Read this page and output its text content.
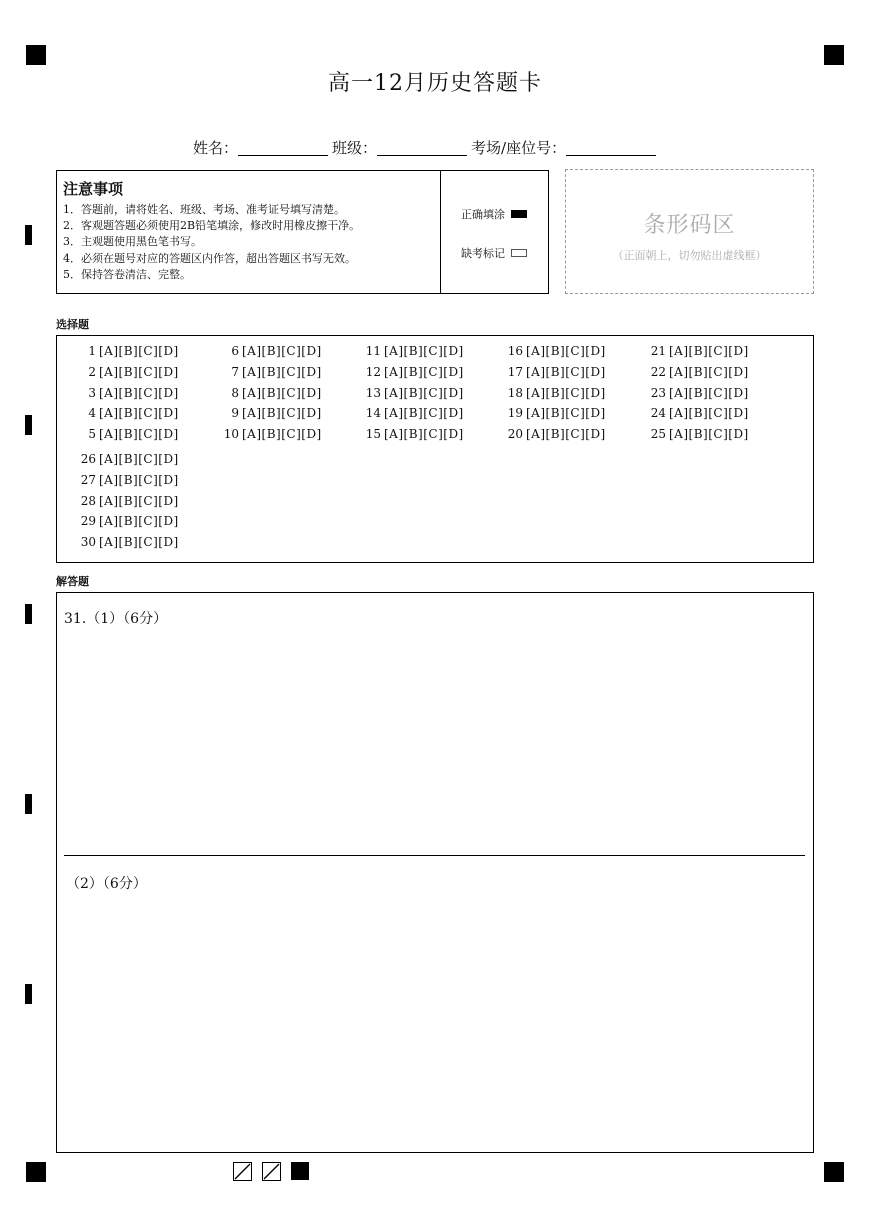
高一12月历史答题卡
姓名：	班级：	考场/座位号：
注意事项
1．答题前，请将姓名、班级、考场、准考证号填写清楚。
2．客观题答题必须使用2B铅笔填涂，修改时用橡皮擦干净。
3．主观题使用黑色笔书写。
4．必须在题号对应的答题区内作答，超出答题区书写无效。
5．保持答卷清洁、完整。
正确填涂
缺考标记
条形码区
（正面朝上，切勿贴出虚线框）
选择题
1 [A][B][C][D]
2 [A][B][C][D]
3 [A][B][C][D]
4 [A][B][C][D]
5 [A][B][C][D]
6 [A][B][C][D]
7 [A][B][C][D]
8 [A][B][C][D]
9 [A][B][C][D]
10 [A][B][C][D]
11 [A][B][C][D]
12 [A][B][C][D]
13 [A][B][C][D]
14 [A][B][C][D]
15 [A][B][C][D]
16 [A][B][C][D]
17 [A][B][C][D]
18 [A][B][C][D]
19 [A][B][C][D]
20 [A][B][C][D]
21 [A][B][C][D]
22 [A][B][C][D]
23 [A][B][C][D]
24 [A][B][C][D]
25 [A][B][C][D]
26 [A][B][C][D]
27 [A][B][C][D]
28 [A][B][C][D]
29 [A][B][C][D]
30 [A][B][C][D]
解答题
31.（1）（6分）
（2）（6分）
